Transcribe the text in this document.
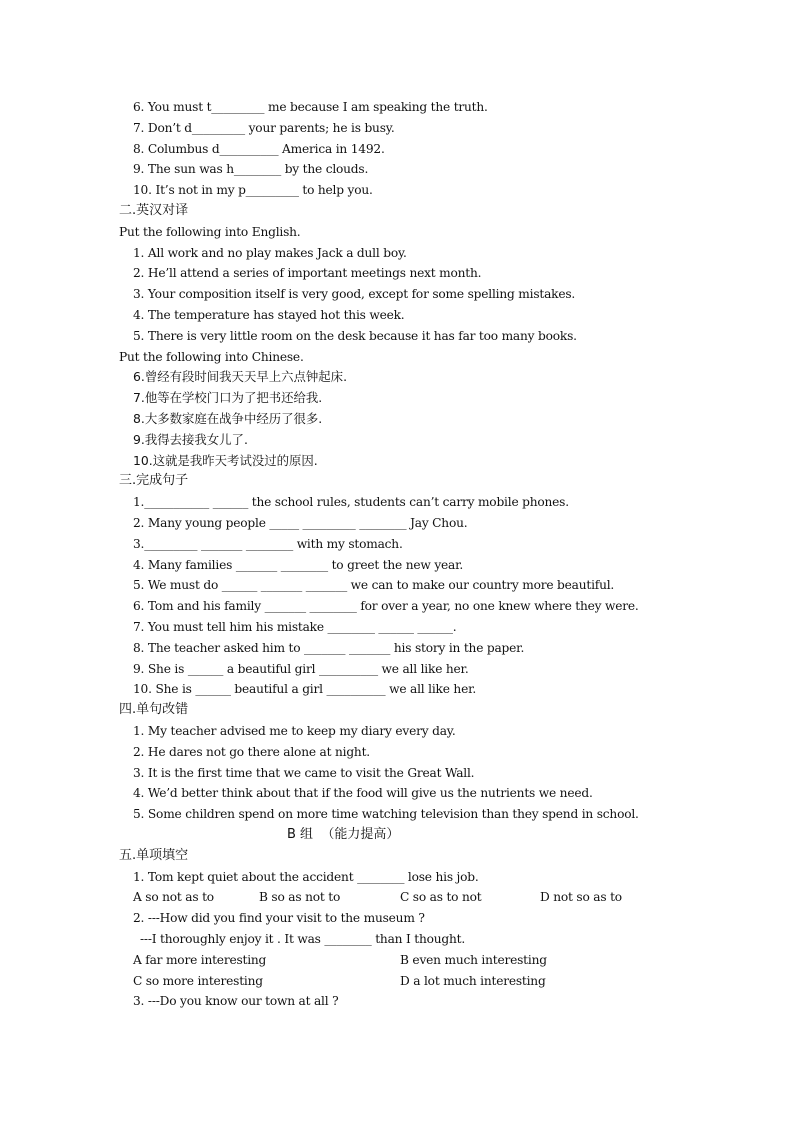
6. You must t_________ me because I am speaking the truth.
7. Don’t d_________ your parents; he is busy.
8. Columbus d__________ America in 1492.
9. The sun was h________ by the clouds.
10. It’s not in my p_________ to help you.
二.英汉对译
Put the following into English.
1. All work and no play makes Jack a dull boy.
2. He’ll attend a series of important meetings next month.
3. Your composition itself is very good, except for some spelling mistakes.
4. The temperature has stayed hot this week.
5. There is very little room on the desk because it has far too many books.
Put the following into Chinese.
6.曾经有段时间我天天早上六点钟起床.
7.他等在学校门口为了把书还给我.
8.大多数家庭在战争中经历了很多.
9.我得去接我女儿了.
10.这就是我昨天考试没过的原因.
三.完成句子
1.___________ ______ the school rules, students can’t carry mobile phones.
2. Many young people _____ _________ ________ Jay Chou.
3._________ _______ ________ with my stomach.
4. Many families _______ ________ to greet the new year.
5. We must do ______ _______ _______ we can to make our country more beautiful.
6. Tom and his family _______ ________ for over a year, no one knew where they were.
7. You must tell him his mistake ________ ______ ______.
8. The teacher asked him to _______ _______ his story in the paper.
9. She is ______ a beautiful girl __________ we all like her.
10. She is ______ beautiful a girl __________ we all like her.
四.单句改错
1. My teacher advised me to keep my diary every day.
2. He dares not go there alone at night.
3. It is the first time that we came to visit the Great Wall.
4. We’d better think about that if the food will give us the nutrients we need.
5. Some children spend on more time watching television than they spend in school.
B 组  （能力提高）
五.单项填空
1. Tom kept quiet about the accident ________ lose his job.
A so not as to	B so as not to	C so as to not	D not so as to
2. ---How did you find your visit to the museum ?
---I thoroughly enjoy it . It was ________ than I thought.
A far more interesting	B even much interesting
C so more interesting	D a lot much interesting
3. ---Do you know our town at all ?
